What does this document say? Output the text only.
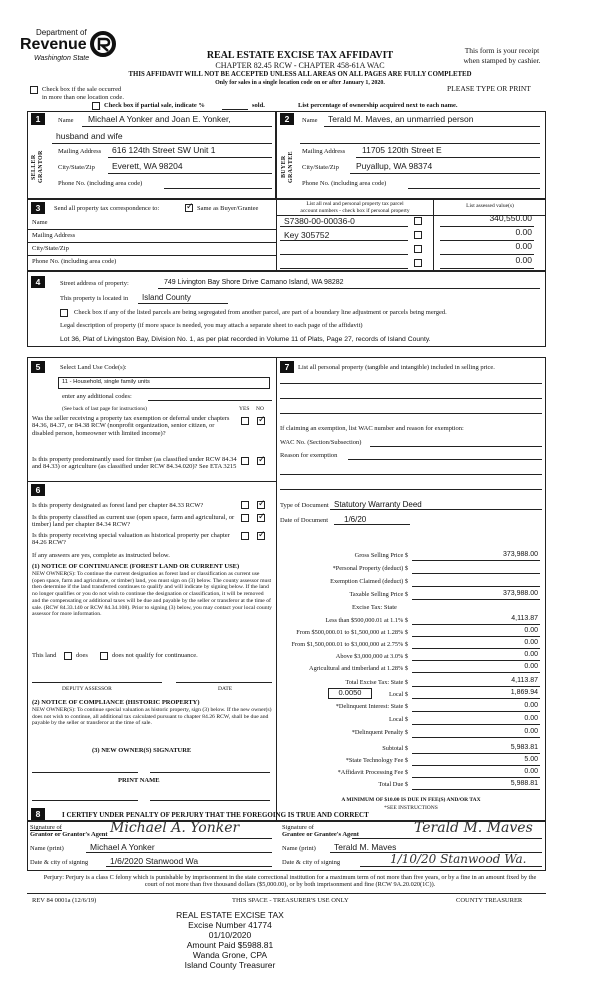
Department of
Revenue
Washington State	REAL ESTATE EXCISE TAX AFFIDAVIT
CHAPTER 82.45 RCW - CHAPTER 458-61A WAC
THIS AFFIDAVIT WILL NOT BE ACCEPTED UNLESS ALL AREAS ON ALL PAGES ARE FULLY COMPLETED
Only for sales in a single location code on or after January 1, 2020.
This form is your receipt
when stamped by cashier.
PLEASE TYPE OR PRINT
Check box if the sale occurred
in more than one location code.
Check box if partial sale, indicate %	sold.	List percentage of ownership acquired next to each name.
1
SELLER GRANTOR
Name Michael A Yonker and Joan E. Yonker,
husband and wife
Mailing Address 616 124th Street SW Unit 1
City/State/Zip Everett, WA 98204
Phone No. (including area code)
2
BUYER GRANTEE
Name Terald M. Maves, an unmarried person
Mailing Address 11705 120th Street E
City/State/Zip Puyallup, WA 98374
Phone No. (including area code)
3	Send all property tax correspondence to:
✓	Same as Buyer/Grantee
Name
Mailing Address
City/State/Zip
Phone No. (including area code)
List all real and personal property tax parcel
account numbers - check box if personal property
List assessed value(s)
S7380-00-00036-0	340,550.00
Key 305752	0.00
0.00
0.00
4	Street address of property:	749 Livington Bay Shore Drive Camano Island, WA 98282
This property is located in Island County
Check box if any of the listed parcels are being segregated from another parcel, are part of a boundary line adjustment or parcels being merged.
Legal description of property (if more space is needed, you may attach a separate sheet to each page of the affidavit)
Lot 36, Plat of Livingston Bay, Division No. 1, as per plat recorded in Volume 11 of Plats, Page 27, records of Island County.
5	Select Land Use Code(s):
11 - Household, single family units
enter any additional codes:
(See back of last page for instructions)	YES NO
Was the seller receiving a property tax exemption or deferral under chapters 84.36, 84.37, or 84.38 RCW (nonprofit organization, senior citizen, or disabled person, homeowner with limited income)?
✓
Is this property predominantly used for timber (as classified under RCW 84.34 and 84.33) or agriculture (as classified under RCW 84.34.020)? See ETA 3215
✓
6
Is this property designated as forest land per chapter 84.33 RCW?
✓
Is this property classified as current use (open space, farm and agricultural, or timber) land per chapter 84.34 RCW?
✓
Is this property receiving special valuation as historical property per chapter 84.26 RCW?
✓
If any answers are yes, complete as instructed below.
(1) NOTICE OF CONTINUANCE (FOREST LAND OR CURRENT USE)
NEW OWNER(S): To continue the current designation as forest land or classification as current use (open space, farm and agriculture, or timber) land, you must sign on (3) below. The county assessor must then determine if the land transferred continues to qualify and will indicate by signing below. If the land no longer qualifies or you do not wish to continue the designation or classification, it will be removed and the compensating or additional taxes will be due and payable by the seller or transferor at the time of sale. (RCW 84.33.140 or RCW 84.34.108). Prior to signing (3) below, you may contact your local county assessor for more information.
This land	does	does not qualify for continuance.
DEPUTY ASSESSOR	DATE
(2) NOTICE OF COMPLIANCE (HISTORIC PROPERTY)
NEW OWNER(S): To continue special valuation as historic property, sign (3) below. If the new owner(s) does not wish to continue, all additional tax calculated pursuant to chapter 84.26 RCW, shall be due and payable by the seller or transferor at the time of sale.
(3) NEW OWNER(S) SIGNATURE
PRINT NAME
7	List all personal property (tangible and intangible) included in selling price.
If claiming an exemption, list WAC number and reason for exemption:
WAC No. (Section/Subsection)
Reason for exemption
Type of Document Statutory Warranty Deed
Date of Document 1/6/20
Gross Selling Price $	373,988.00
*Personal Property (deduct) $
Exemption Claimed (deduct) $
Taxable Selling Price $	373,988.00
Excise Tax: State
Less than $500,000.01 at 1.1% $	4,113.87
From $500,000.01 to $1,500,000 at 1.28% $	0.00
From $1,500,000.01 to $3,000,000 at 2.75% $	0.00
Above $3,000,000 at 3.0% $	0.00
Agricultural and timberland at 1.28% $	0.00
Total Excise Tax: State $	4,113.87
0.0050	Local $	1,869.94
*Delinquent Interest: State $	0.00
Local $	0.00
*Delinquent Penalty $	0.00
Subtotal $	5,983.81
*State Technology Fee $	5.00
*Affidavit Processing Fee $	0.00
Total Due $	5,988.81
A MINIMUM OF $10.00 IS DUE IN FEE(S) AND/OR TAX
*SEE INSTRUCTIONS
8	I CERTIFY UNDER PENALTY OF PERJURY THAT THE FOREGOING IS TRUE AND CORRECT
Signature of
Grantor or Grantor's Agent Michael A. Yonker	Signature of
Grantee or Grantee's Agent	Terald M. Maves
Name (print)	Michael A Yonker	Name (print) Terald M. Maves
Date & city of signing	1/6/2020 Stanwood Wa	Date & city of signing	1/10/20 Stanwood Wa.
Perjury: Perjury is a class C felony which is punishable by imprisonment in the state correctional institution for a maximum term of not more than five years, or by a fine in an amount fixed by the court of not more than five thousand dollars ($5,000.00), or by both imprisonment and fine (RCW 9A.20.020(1C)).
REV 84 0001a (12/6/19)	THIS SPACE - TREASURER'S USE ONLY	COUNTY TREASURER
REAL ESTATE EXCISE TAX
Excise Number 41774
01/10/2020
Amount Paid $5988.81
Wanda Grone, CPA
Island County Treasurer
